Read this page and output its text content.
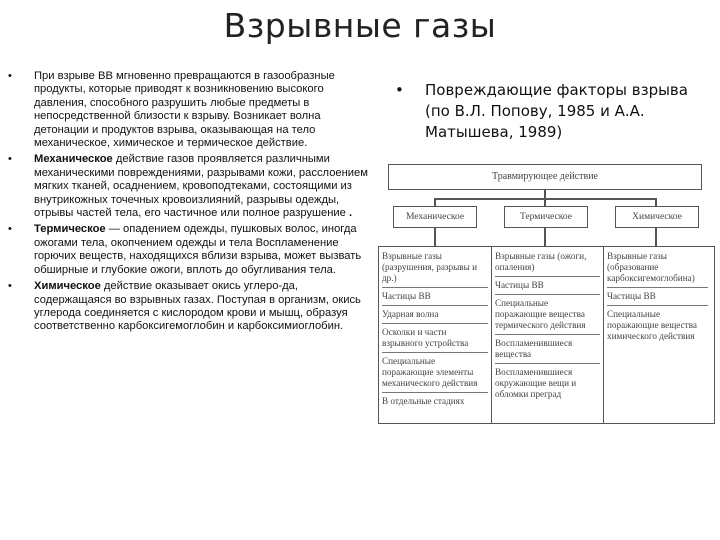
Взрывные газы
• При взрыве ВВ мгновенно превращаются в газообразные продукты, которые приводят к возникновению высокого давления, способного разрушить любые предметы в непосредственной близости к взрыву. Возникает волна детонации и продуктов взрыва, оказывающая на тело механическое, химическое и термическое действие.
• Механическое действие газов проявляется различными механическими повреждениями, разрывами кожи, расслоением мягких тканей, осаднением, кровоподтеками, состоящими из внутрикожных точечных кровоизлияний, разрывы одежды, отрывы частей тела, его частичное или полное разрушение .
• Термическое — опадением одежды, пушковых волос, иногда ожогами тела, окопчением одежды и тела Воспламенение горючих веществ, находящихся вблизи взрыва, может вызвать обширные и глубокие ожоги, вплоть до обугливания тела.
• Химическое действие оказывает окись углеро-да, содержащаяся во взрывных газах. Поступая в организм, окись углерода соединяется с кислородом крови и мышц, образуя соответственно карбоксигемоглобин и карбоксимиоглобин.
• Повреждающие факторы взрыва (по В.Л. Попову, 1985 и А.А. Матышева, 1989)
Травмирующее действие
Механическое	Термическое	Химическое
Взрывные газы (разрушения, разрывы и др.)
Частицы ВВ
Ударная волна
Осколки и части взрывного устройства
Специальные поражающие элементы механического действия
В отдельные стадиях
Взрывные газы (ожоги, опаления)
Частицы ВВ
Специальные поражающие вещества термического действия
Воспламенившиеся вещества
Воспламенившиеся окружающие вещи и обломки преград
Взрывные газы (образование карбоксигемоглобина)
Частицы ВВ
Специальные поражающие вещества химического действия
